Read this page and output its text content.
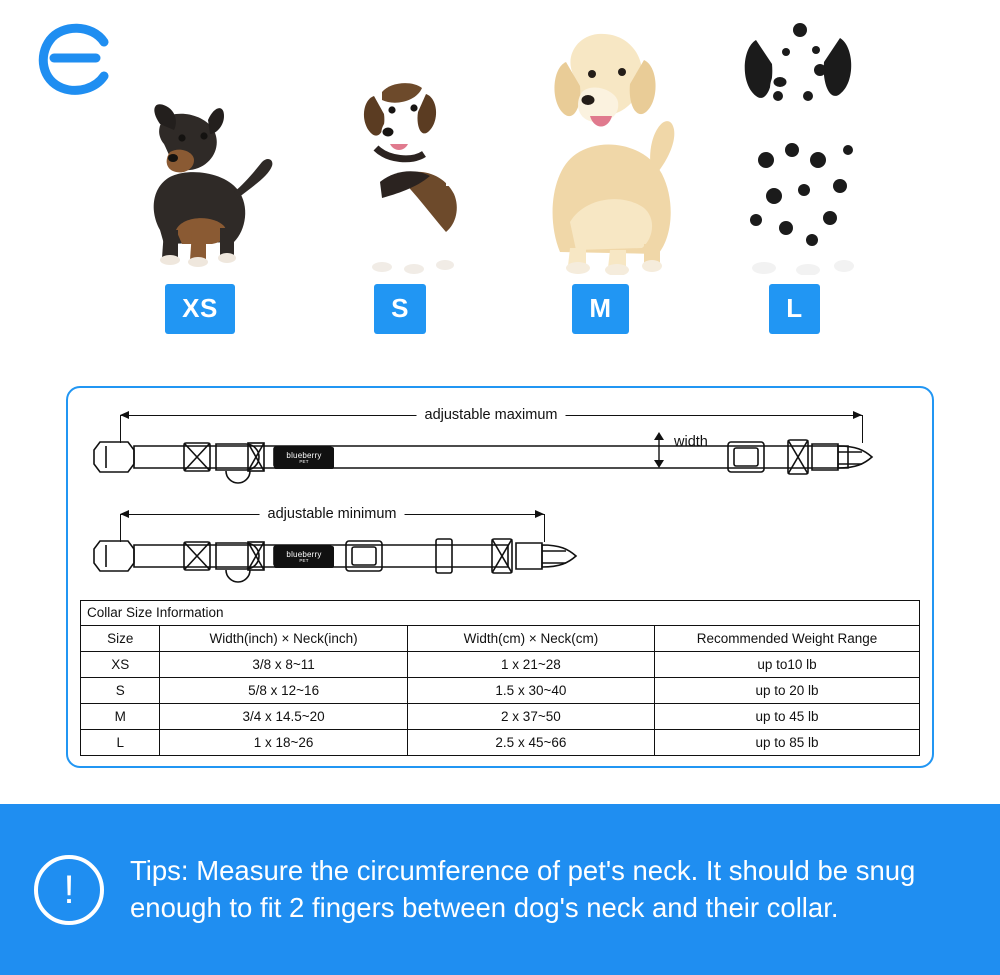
XS	S	M	L
adjustable maximum
width
adjustable minimum
blueberry
PET
blueberry
PET
Collar Size Information
Size	Width(inch) × Neck(inch)	Width(cm) × Neck(cm)	Recommended Weight Range
XS	3/8 x 8~11	1 x 21~28	up to10 lb
S	5/8 x 12~16	1.5 x 30~40	up to 20 lb
M	3/4 x 14.5~20	2 x 37~50	up to 45 lb
L	1 x 18~26	2.5 x 45~66	up to 85 lb
! Tips: Measure the circumference of pet's neck. It should be snug
enough to fit 2 fingers between dog's neck and their collar.
